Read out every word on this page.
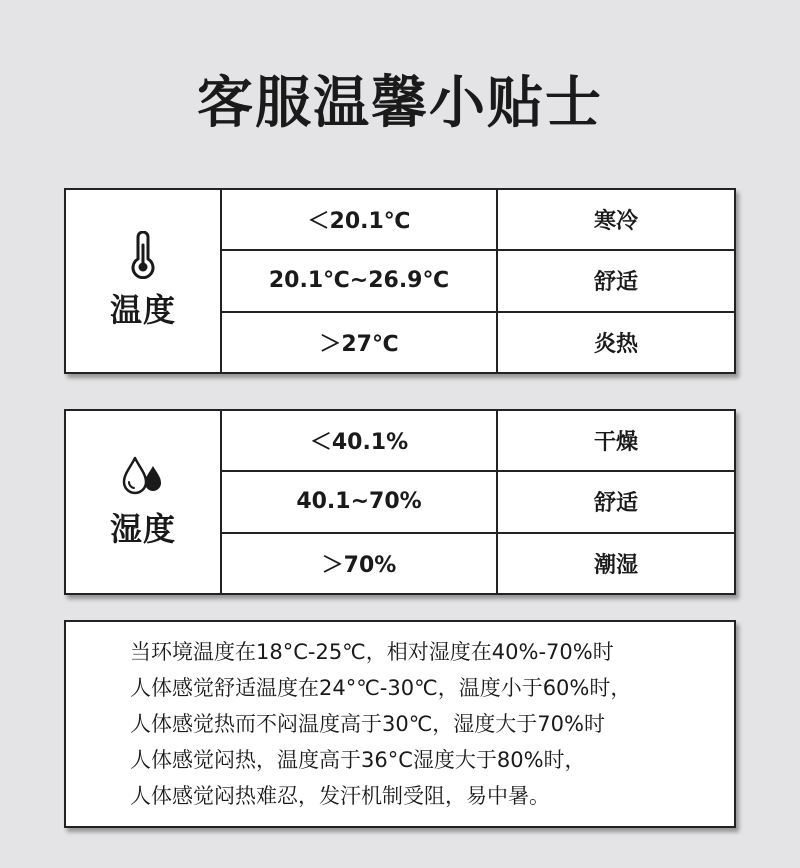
客服温馨小贴士
温度
＜20.1℃	寒冷
20.1℃~26.9℃	舒适
＞27℃	炎热
湿度
＜40.1%	干燥
40.1~70%	舒适
＞70%	潮湿
当环境温度在18°C-25℃，相对湿度在40%-70%时
人体感觉舒适温度在24°℃-30℃，温度小于60%时，
人体感觉热而不闷温度高于30℃，湿度大于70%时
人体感觉闷热，温度高于36°C湿度大于80%时，
人体感觉闷热难忍，发汗机制受阻，易中暑。
